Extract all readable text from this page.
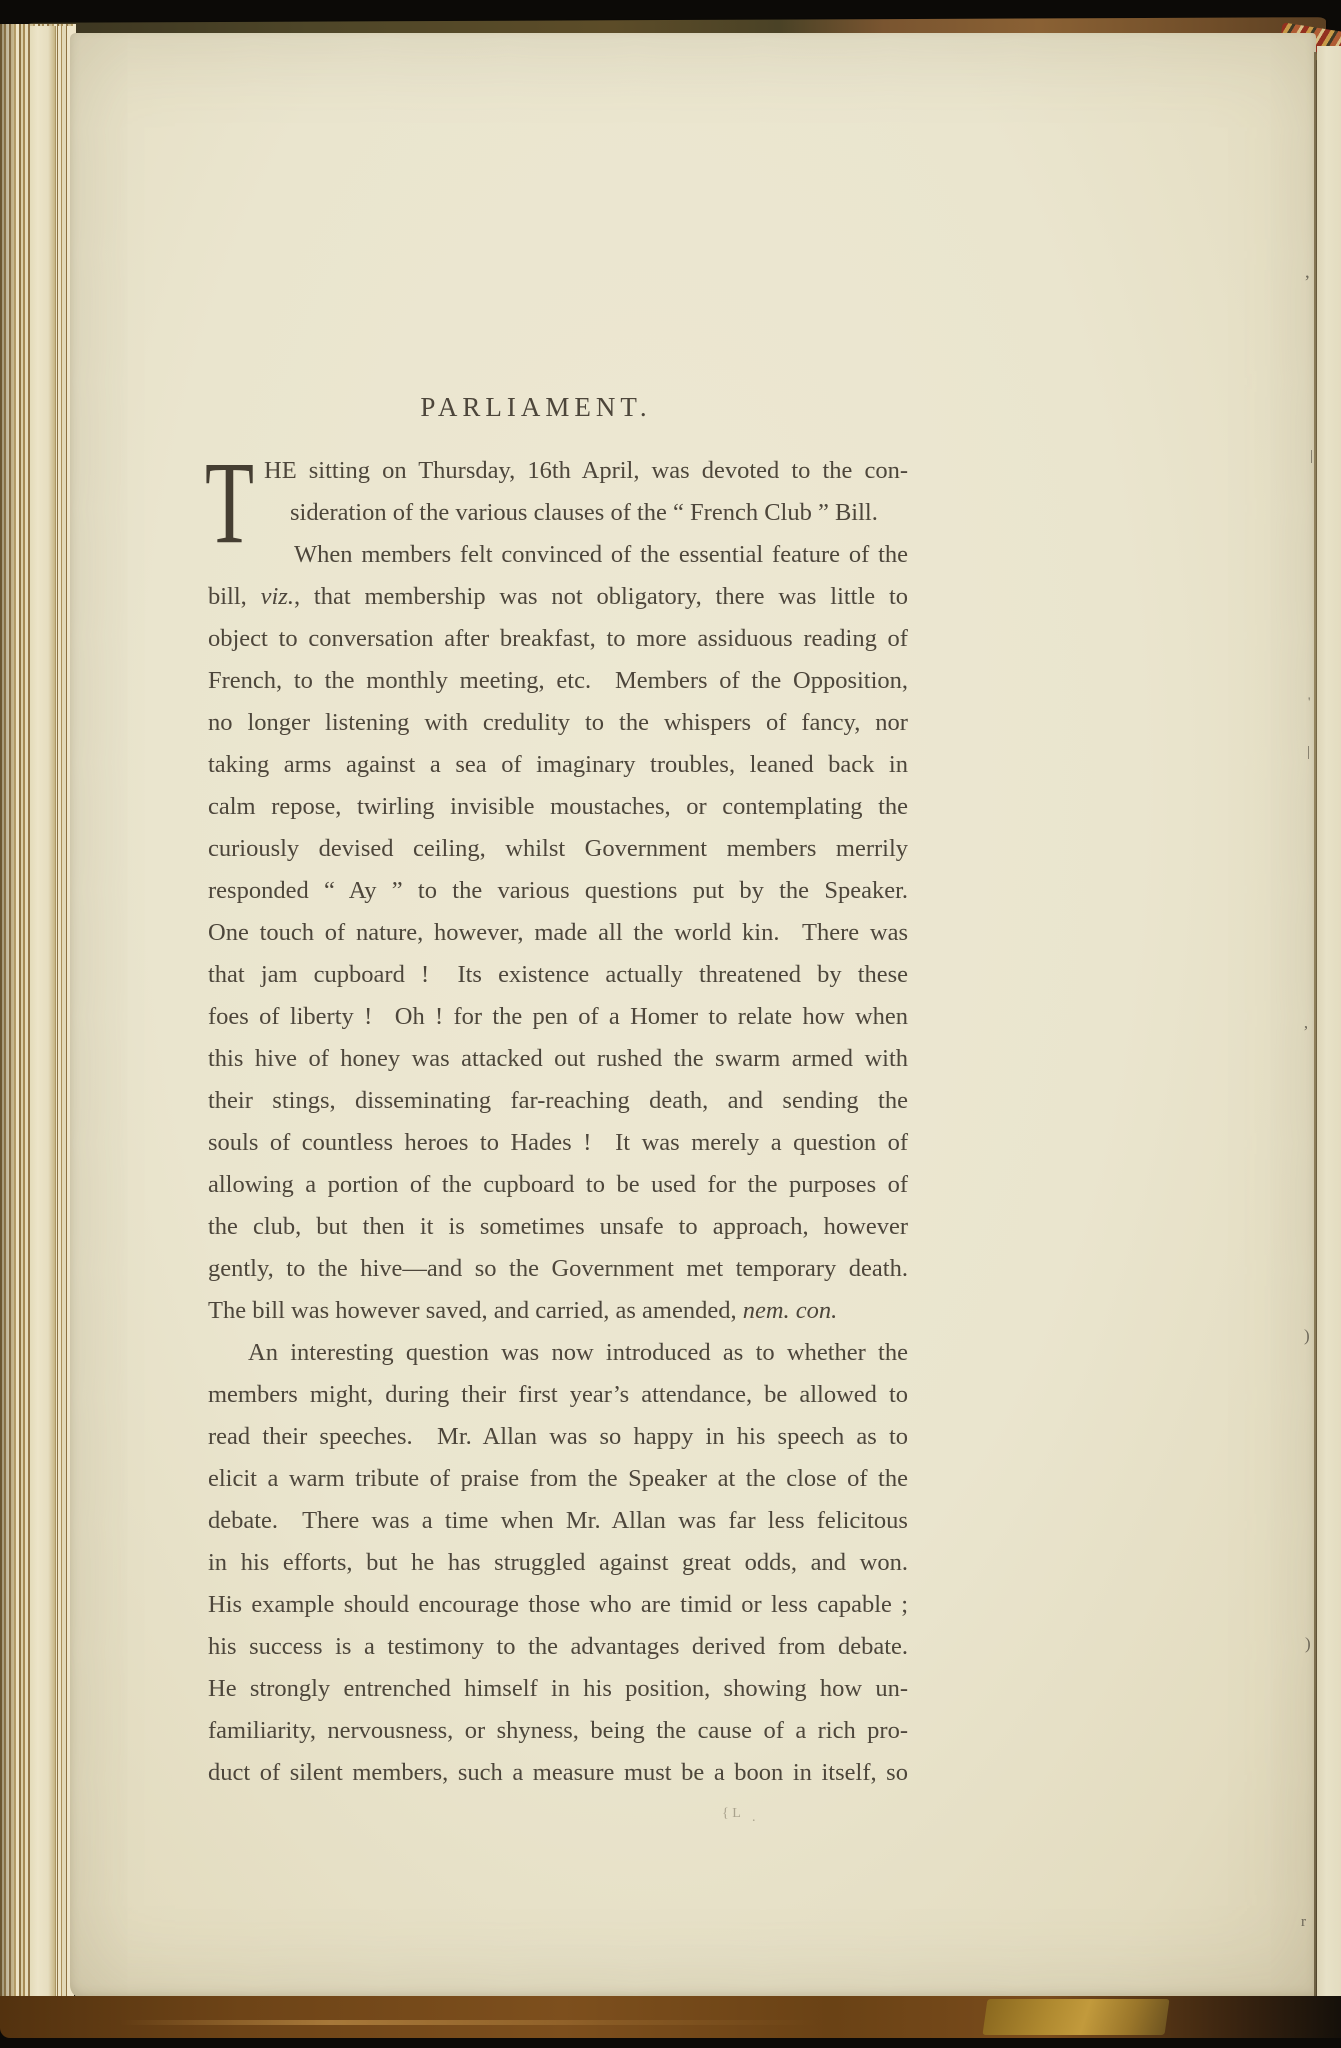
PARLIAMENT.
T HE sitting on Thursday, 16th April, was devoted to the con-
sideration of the various clauses of the “ French Club ” Bill.
When members felt convinced of the essential feature of the
bill, viz., that membership was not obligatory, there was little to
object to conversation after breakfast, to more assiduous reading of
French, to the monthly meeting, etc.  Members of the Opposition,
no longer listening with credulity to the whispers of fancy, nor
taking arms against a sea of imaginary troubles, leaned back in
calm repose, twirling invisible moustaches, or contemplating the
curiously devised ceiling, whilst Government members merrily
responded “ Ay ” to the various questions put by the Speaker.
One touch of nature, however, made all the world kin.  There was
that jam cupboard !  Its existence actually threatened by these
foes of liberty !  Oh ! for the pen of a Homer to relate how when
this hive of honey was attacked out rushed the swarm armed with
their stings, disseminating far-reaching death, and sending the
souls of countless heroes to Hades !  It was merely a question of
allowing a portion of the cupboard to be used for the purposes of
the club, but then it is sometimes unsafe to approach, however
gently, to the hive—and so the Government met temporary death.
The bill was however saved, and carried, as amended, nem. con.
An interesting question was now introduced as to whether the
members might, during their first year’s attendance, be allowed to
read their speeches.  Mr. Allan was so happy in his speech as to
elicit a warm tribute of praise from the Speaker at the close of the
debate.  There was a time when Mr. Allan was far less felicitous
in his efforts, but he has struggled against great odds, and won.
His example should encourage those who are timid or less capable ;
his success is a testimony to the advantages derived from debate.
He strongly entrenched himself in his position, showing how un-
familiarity, nervousness, or shyness, being the cause of a rich pro-
duct of silent members, such a measure must be a boon in itself, so
’
|
'
|
’
)
)
r
{ L .
